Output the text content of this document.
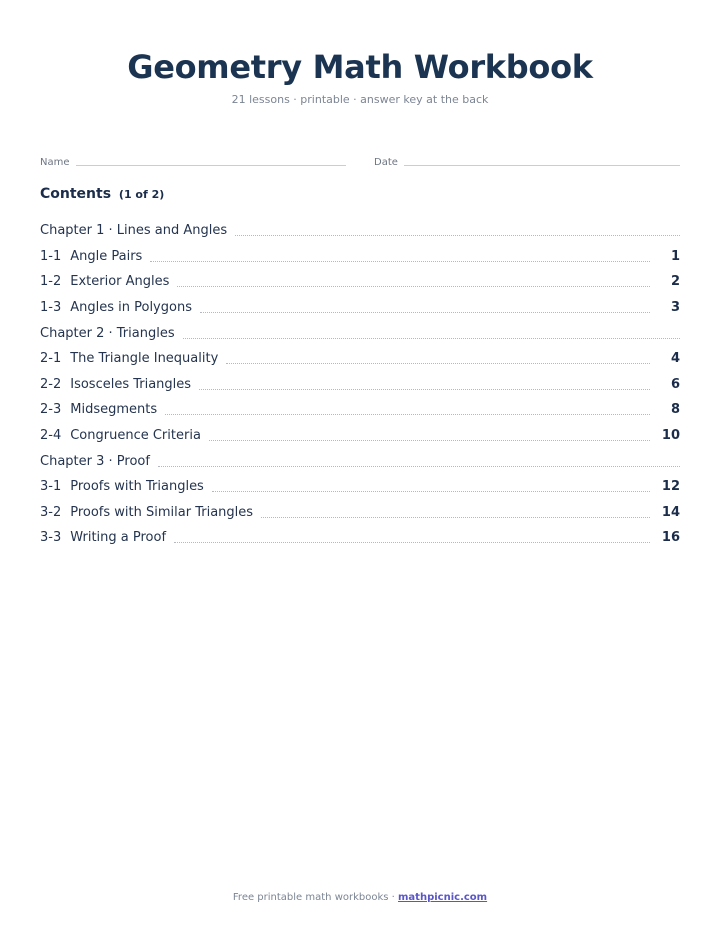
Geometry Math Workbook
21 lessons · printable · answer key at the back
Name	Date
Contents (1 of 2)
Chapter 1 · Lines and Angles
1-1 Angle Pairs	1
1-2 Exterior Angles	2
1-3 Angles in Polygons	3
Chapter 2 · Triangles
2-1 The Triangle Inequality	4
2-2 Isosceles Triangles	6
2-3 Midsegments	8
2-4 Congruence Criteria	10
Chapter 3 · Proof
3-1 Proofs with Triangles	12
3-2 Proofs with Similar Triangles	14
3-3 Writing a Proof	16
Free printable math workbooks · mathpicnic.com
